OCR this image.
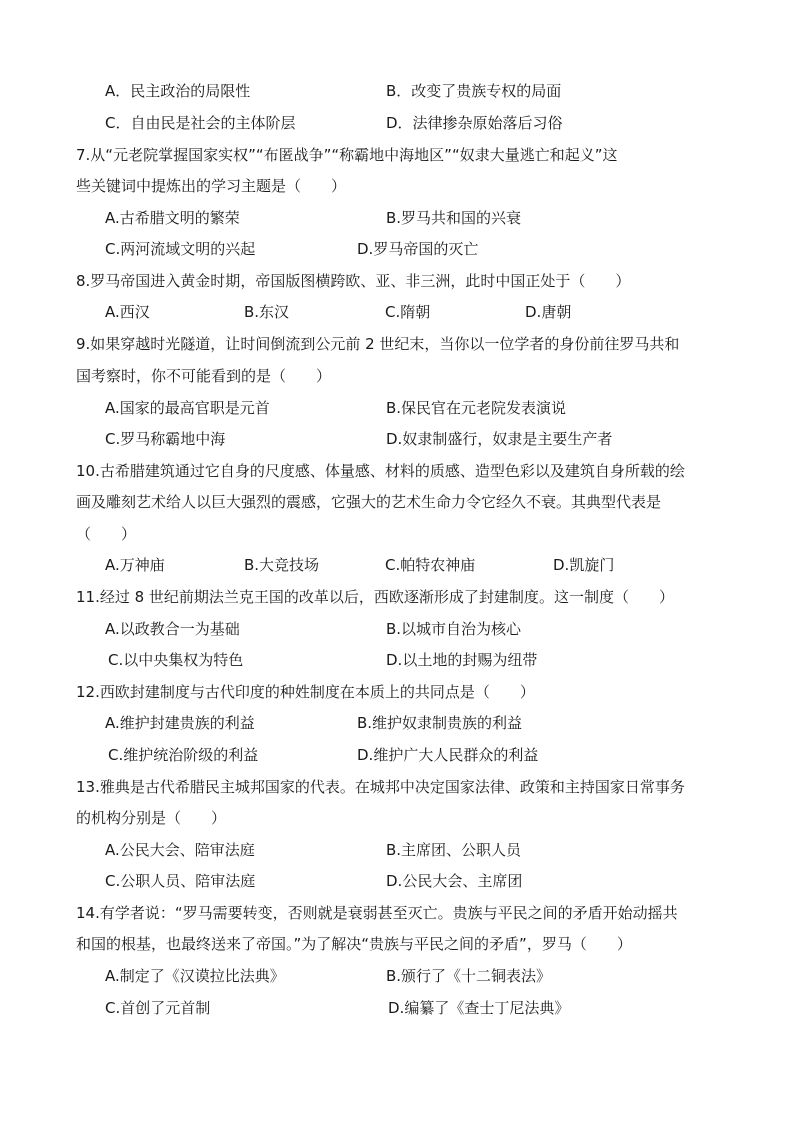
A．民主政治的局限性	B．改变了贵族专权的局面
C．自由民是社会的主体阶层	D．法律掺杂原始落后习俗
7.从“元老院掌握国家实权”“布匿战争”“称霸地中海地区”“奴隶大量逃亡和起义”这
些关键词中提炼出的学习主题是（　　）
A.古希腊文明的繁荣	B.罗马共和国的兴衰
C.两河流域文明的兴起	D.罗马帝国的灭亡
8.罗马帝国进入黄金时期，帝国版图横跨欧、亚、非三洲，此时中国正处于（　　）
A.西汉	B.东汉	C.隋朝	D.唐朝
9.如果穿越时光隧道，让时间倒流到公元前 2 世纪末，当你以一位学者的身份前往罗马共和
国考察时，你不可能看到的是（　　）
A.国家的最高官职是元首	B.保民官在元老院发表演说
C.罗马称霸地中海	D.奴隶制盛行，奴隶是主要生产者
10.古希腊建筑通过它自身的尺度感、体量感、材料的质感、造型色彩以及建筑自身所载的绘
画及雕刻艺术给人以巨大强烈的震感，它强大的艺术生命力令它经久不衰。其典型代表是
（　　）
A.万神庙	B.大竞技场	C.帕特农神庙	D.凯旋门
11.经过 8 世纪前期法兰克王国的改革以后，西欧逐渐形成了封建制度。这一制度（　　）
A.以政教合一为基础	B.以城市自治为核心
C.以中央集权为特色	D.以土地的封赐为纽带
12.西欧封建制度与古代印度的种姓制度在本质上的共同点是（　　）
A.维护封建贵族的利益	B.维护奴隶制贵族的利益
C.维护统治阶级的利益	D.维护广大人民群众的利益
13.雅典是古代希腊民主城邦国家的代表。在城邦中决定国家法律、政策和主持国家日常事务
的机构分别是（　　）
A.公民大会、陪审法庭	B.主席团、公职人员
C.公职人员、陪审法庭	D.公民大会、主席团
14.有学者说：“罗马需要转变，否则就是衰弱甚至灭亡。贵族与平民之间的矛盾开始动摇共
和国的根基，也最终送来了帝国。”为了解决“贵族与平民之间的矛盾”，罗马（　　）
A.制定了《汉谟拉比法典》	B.颁行了《十二铜表法》
C.首创了元首制	D.编纂了《查士丁尼法典》
